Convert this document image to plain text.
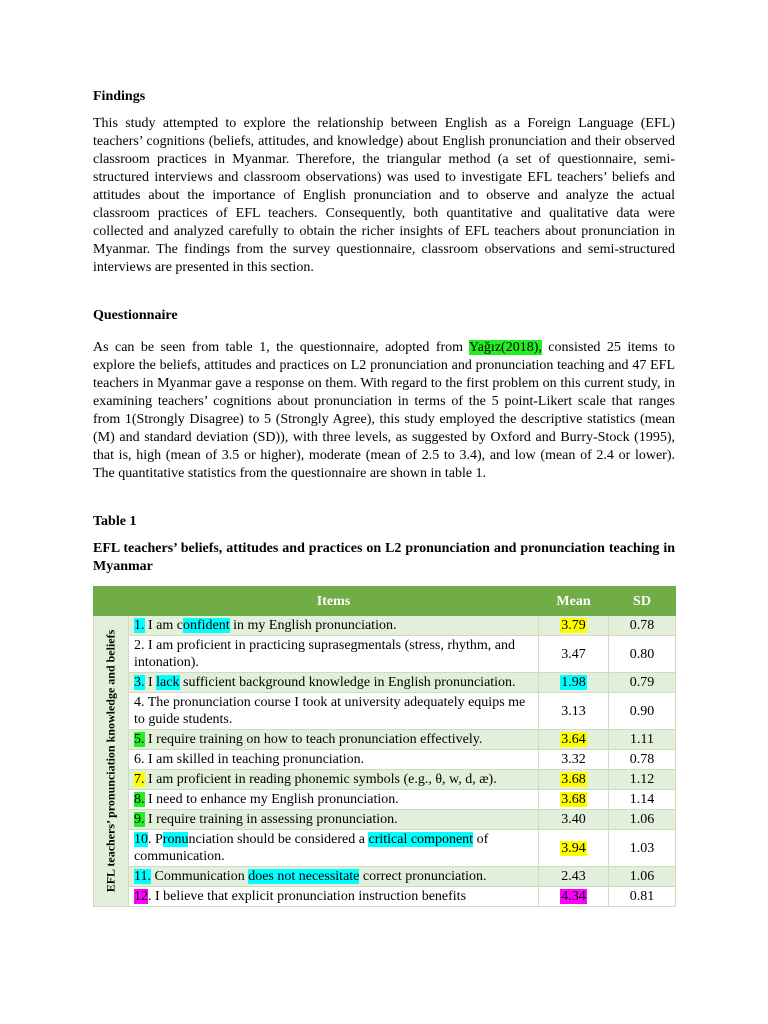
Findings
This study attempted to explore the relationship between English as a Foreign Language (EFL) teachers’ cognitions (beliefs, attitudes, and knowledge) about English pronunciation and their observed classroom practices in Myanmar. Therefore, the triangular method (a set of questionnaire, semi-structured interviews and classroom observations) was used to investigate EFL teachers’ beliefs and attitudes about the importance of English pronunciation and to observe and analyze the actual classroom practices of EFL teachers. Consequently, both quantitative and qualitative data were collected and analyzed carefully to obtain the richer insights of EFL teachers about pronunciation in Myanmar. The findings from the survey questionnaire, classroom observations and semi-structured interviews are presented in this section.
Questionnaire
As can be seen from table 1, the questionnaire, adopted from Yağız(2018), consisted 25 items to explore the beliefs, attitudes and practices on L2 pronunciation and pronunciation teaching and 47 EFL teachers in Myanmar gave a response on them. With regard to the first problem on this current study, in examining teachers’ cognitions about pronunciation in terms of the 5 point-Likert scale that ranges from 1(Strongly Disagree) to 5 (Strongly Agree), this study employed the descriptive statistics (mean (M) and standard deviation (SD)), with three levels, as suggested by Oxford and Burry-Stock (1995), that is, high (mean of 3.5 or higher), moderate (mean of 2.5 to 3.4), and low (mean of 2.4 or lower). The quantitative statistics from the questionnaire are shown in table 1.
Table 1
EFL teachers’ beliefs, attitudes and practices on L2 pronunciation and pronunciation teaching in Myanmar
	Items	Mean	SD

EFL teachers’ pronunciation knowledge and beliefs	1. I am confident in my English pronunciation.	3.79	0.78
	2. I am proficient in practicing suprasegmentals (stress, rhythm, and intonation).	3.47	0.80
	3. I lack sufficient background knowledge in English pronunciation.	1.98	0.79
	4. The pronunciation course I took at university adequately equips me to guide students.	3.13	0.90
	5. I require training on how to teach pronunciation effectively.	3.64	1.11
	6. I am skilled in teaching pronunciation.	3.32	0.78
	7. I am proficient in reading phonemic symbols (e.g., θ, w, d, æ).	3.68	1.12
	8. I need to enhance my English pronunciation.	3.68	1.14
	9. I require training in assessing pronunciation.	3.40	1.06
	10. Pronunciation should be considered a critical component of communication.	3.94	1.03
	11. Communication does not necessitate correct pronunciation.	2.43	1.06
	12. I believe that explicit pronunciation instruction benefits	4.34	0.81
